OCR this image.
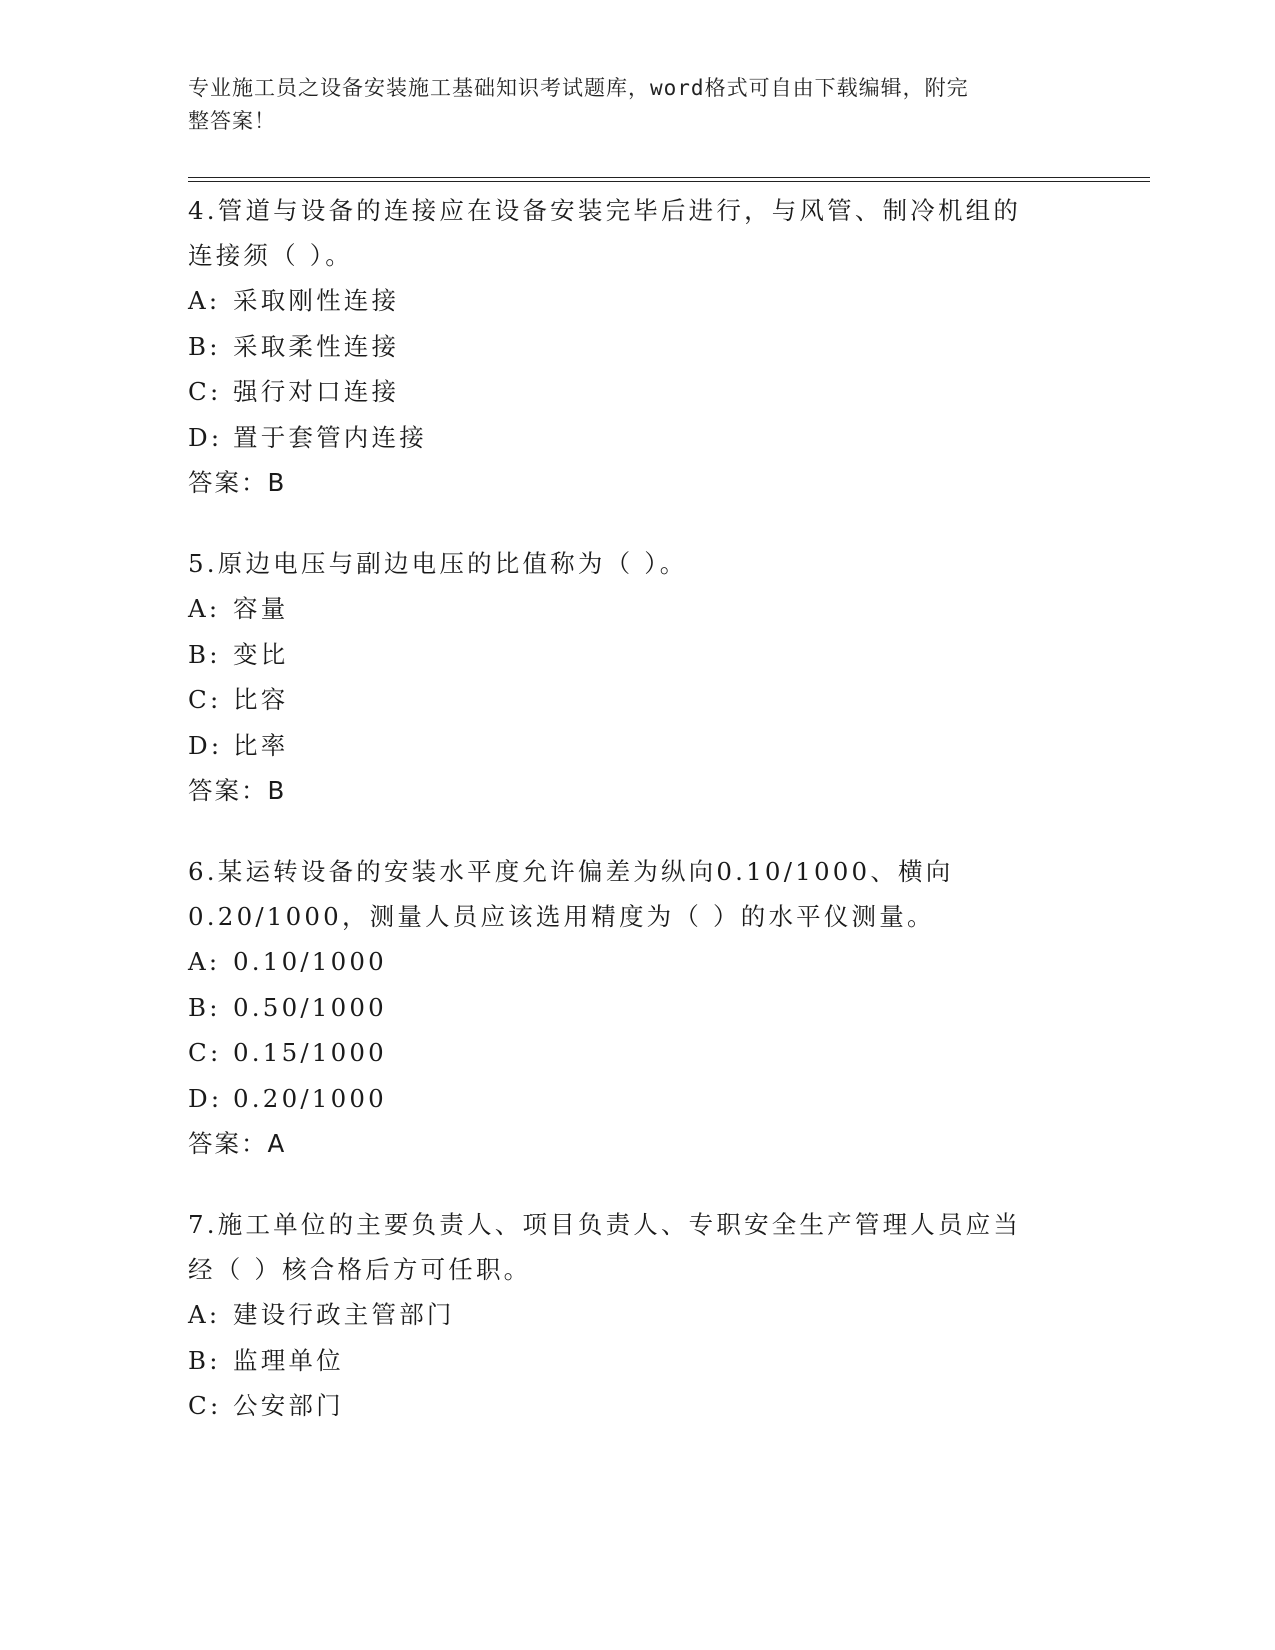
专业施工员之设备安装施工基础知识考试题库，word格式可自由下载编辑，附完
整答案！

4.管道与设备的连接应在设备安装完毕后进行，与风管、制冷机组的

连接须（ ）。

A: 采取刚性连接

B: 采取柔性连接

C: 强行对口连接

D: 置于套管内连接

答案：B

5.原边电压与副边电压的比值称为（ ）。

A: 容量

B: 变比

C: 比容

D: 比率

答案：B

6.某运转设备的安装水平度允许偏差为纵向0.10/1000、横向

0.20/1000，测量人员应该选用精度为（ ）的水平仪测量。

A: 0.10/1000

B: 0.50/1000

C: 0.15/1000

D: 0.20/1000

答案：A

7.施工单位的主要负责人、项目负责人、专职安全生产管理人员应当

经（ ）核合格后方可任职。

A: 建设行政主管部门

B: 监理单位

C: 公安部门
